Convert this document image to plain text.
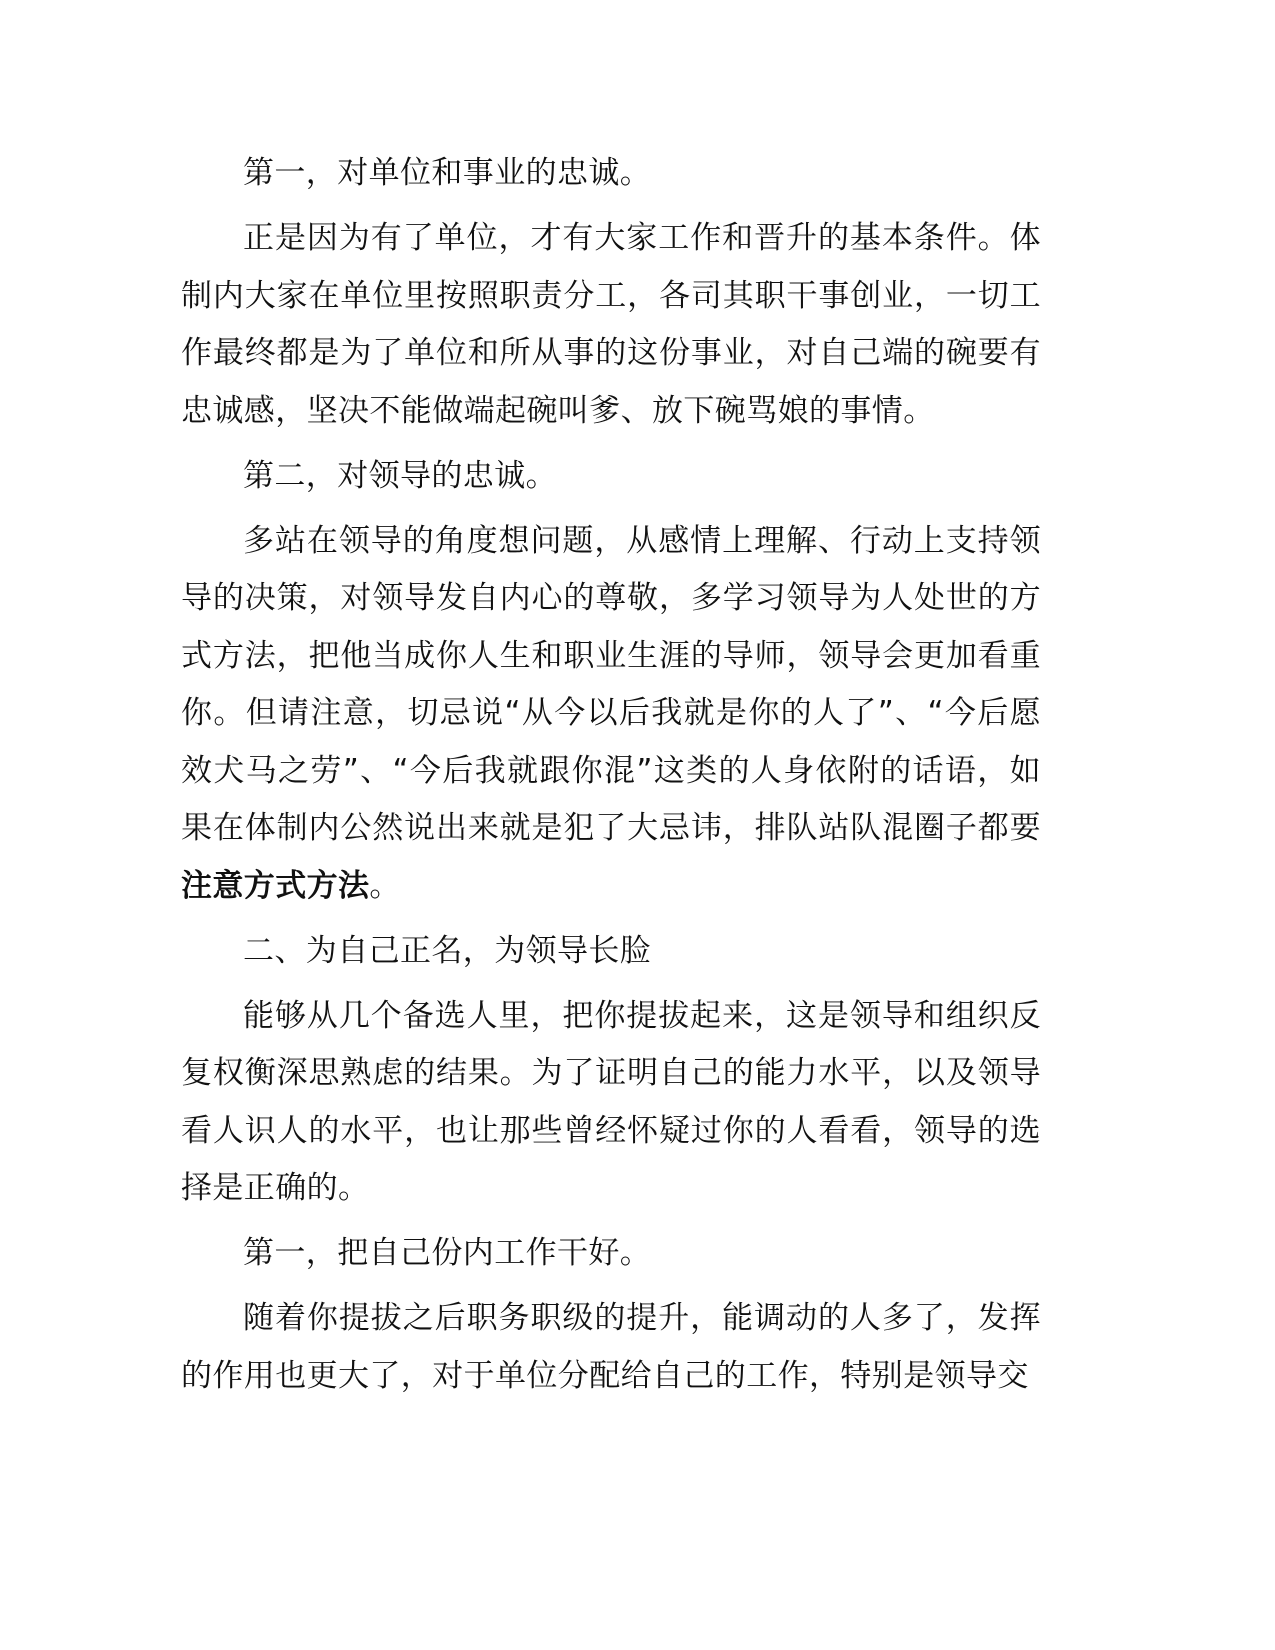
第一，对单位和事业的忠诚。

正是因为有了单位，才有大家工作和晋升的基本条件。体制内大家在单位里按照职责分工，各司其职干事创业，一切工作最终都是为了单位和所从事的这份事业，对自己端的碗要有忠诚感，坚决不能做端起碗叫爹、放下碗骂娘的事情。

第二，对领导的忠诚。

多站在领导的角度想问题，从感情上理解、行动上支持领导的决策，对领导发自内心的尊敬，多学习领导为人处世的方式方法，把他当成你人生和职业生涯的导师，领导会更加看重你。但请注意，切忌说“从今以后我就是你的人了”、“今后愿效犬马之劳”、“今后我就跟你混”这类的人身依附的话语，如果在体制内公然说出来就是犯了大忌讳，排队站队混圈子都要注意方式方法。

二、为自己正名，为领导长脸

能够从几个备选人里，把你提拔起来，这是领导和组织反复权衡深思熟虑的结果。为了证明自己的能力水平，以及领导看人识人的水平，也让那些曾经怀疑过你的人看看，领导的选择是正确的。

第一，把自己份内工作干好。

随着你提拔之后职务职级的提升，能调动的人多了，发挥的作用也更大了，对于单位分配给自己的工作，特别是领导交
